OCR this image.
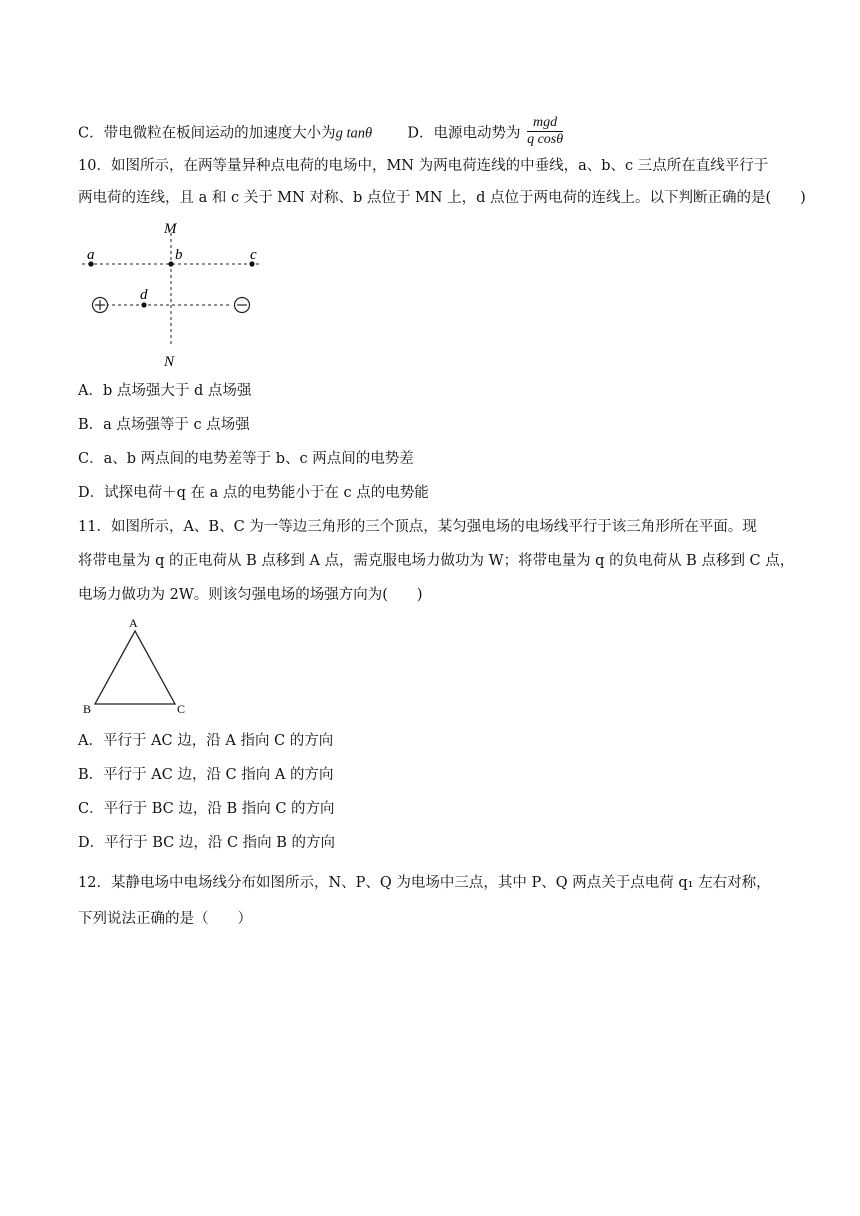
C．带电微粒在板间运动的加速度大小为g tanθ D．电源电动势为 $\frac{\text{mgd}}{\text{q cosθ}}$
10．如图所示，在两等量异种点电荷的电场中，MN 为两电荷连线的中垂线，a、b、c 三点所在直线平行于
两电荷的连线，且 a 和 c 关于 MN 对称、b 点位于 MN 上，d 点位于两电荷的连线上。以下判断正确的是(　　)
M
N
a	b	c
d
A．b 点场强大于 d 点场强
B．a 点场强等于 c 点场强
C．a、b 两点间的电势差等于 b、c 两点间的电势差
D．试探电荷＋q 在 a 点的电势能小于在 c 点的电势能
11．如图所示，A、B、C 为一等边三角形的三个顶点，某匀强电场的电场线平行于该三角形所在平面。现
将带电量为 q 的正电荷从 B 点移到 A 点，需克服电场力做功为 W；将带电量为 q 的负电荷从 B 点移到 C 点，
电场力做功为 2W。则该匀强电场的场强方向为(　　)
A
B	C
A．平行于 AC 边，沿 A 指向 C 的方向
B．平行于 AC 边，沿 C 指向 A 的方向
C．平行于 BC 边，沿 B 指向 C 的方向
D．平行于 BC 边，沿 C 指向 B 的方向
12．某静电场中电场线分布如图所示，N、P、Q 为电场中三点，其中 P、Q 两点关于点电荷 q₁ 左右对称，
下列说法正确的是（　　）
